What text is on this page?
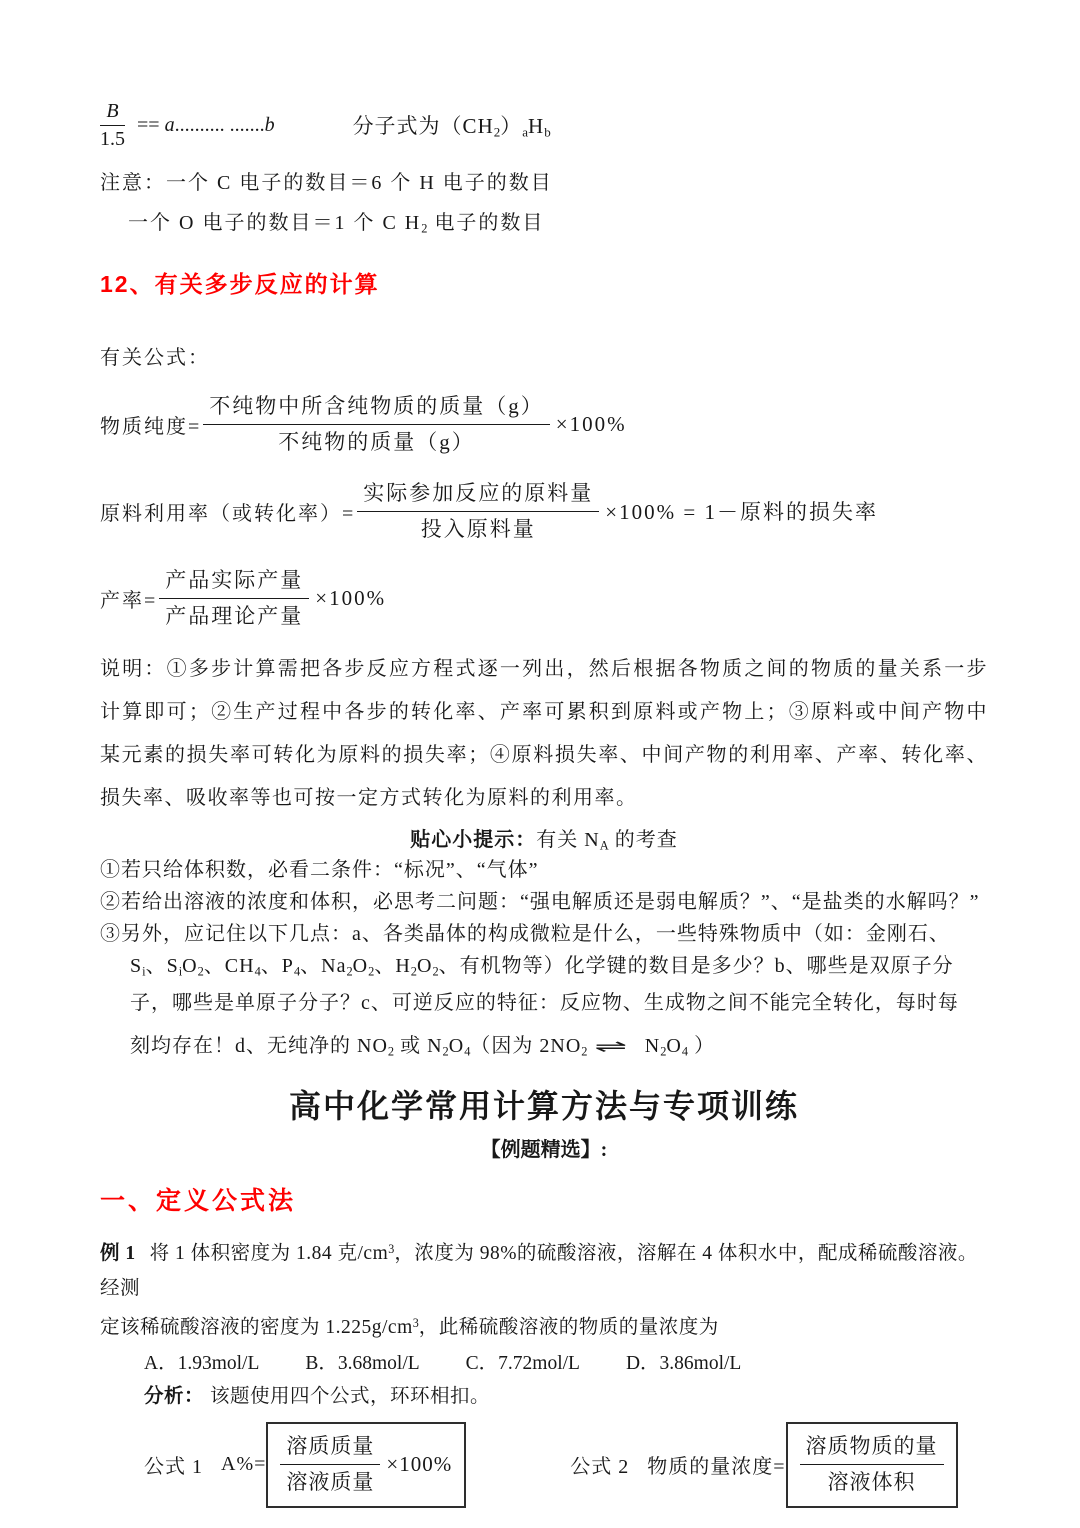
$\frac{B}{1.5} == a$.......... .......b	分子式为$(CH_2)_aH_b$
注意：一个 C 电子的数目＝6 个 H 电子的数目
一个 O 电子的数目＝1 个 C $H_2$ 电子的数目
12、有关多步反应的计算
有关公式：
物质纯度= $\frac{\text{不纯物中所含纯物质的质量（g）}}{\text{不纯物的质量（g）}} \times 100\%$
原料利用率（或转化率）= $\frac{\text{实际参加反应的原料量}}{\text{投入原料量}} \times 100\% = 1-$原料的损失率
产率= $\frac{\text{产品实际产量}}{\text{产品理论产量}} \times 100\%$
说明：①多步计算需把各步反应方程式逐一列出，然后根据各物质之间的物质的量关系一步
计算即可；②生产过程中各步的转化率、产率可累积到原料或产物上；③原料或中间产物中
某元素的损失率可转化为原料的损失率；④原料损失率、中间产物的利用率、产率、转化率、
损失率、吸收率等也可按一定方式转化为原料的利用率。
贴心小提示：有关 $N_A$ 的考查
①若只给体积数，必看二条件：“标况”、“气体”
②若给出溶液的浓度和体积，必思考二问题：“强电解质还是弱电解质？”、“是盐类的水解吗？”
③另外，应记住以下几点：a、各类晶体的构成微粒是什么，一些特殊物质中（如：金刚石、
$S_i$、$S_iO_2$、$CH_4$、$P_4$、$Na_2O_2$、$H_2O_2$、有机物等）化学键的数目是多少？b、哪些是双原子分
子，哪些是单原子分子？c、可逆反应的特征：反应物、生成物之间不能完全转化，每时每
刻均存在！d、无纯净的 $NO_2$ 或 $N_2O_4$（因为 $2NO_2$ ⇌ $N_2O_4$ ）
高中化学常用计算方法与专项训练
【例题精选】:
一、定义公式法
例 1 将 1 体积密度为 1.84 克$/cm^3$，浓度为 98%的硫酸溶液，溶解在 4 体积水中，配成稀硫酸溶液。经测
定该稀硫酸溶液的密度为 $1.225g/cm^3$，此稀硫酸溶液的物质的量浓度为
A．1.93mol/L B．3.68mol/L C．7.72mol/L D．3.86mol/L
分析： 该题使用四个公式，环环相扣。
公式 1 $A\%= \frac{\text{溶质质量}}{\text{溶液质量}} \times 100\%$	公式 2 物质的量浓度= $\frac{\text{溶质物质的量}}{\text{溶液体积}}$
